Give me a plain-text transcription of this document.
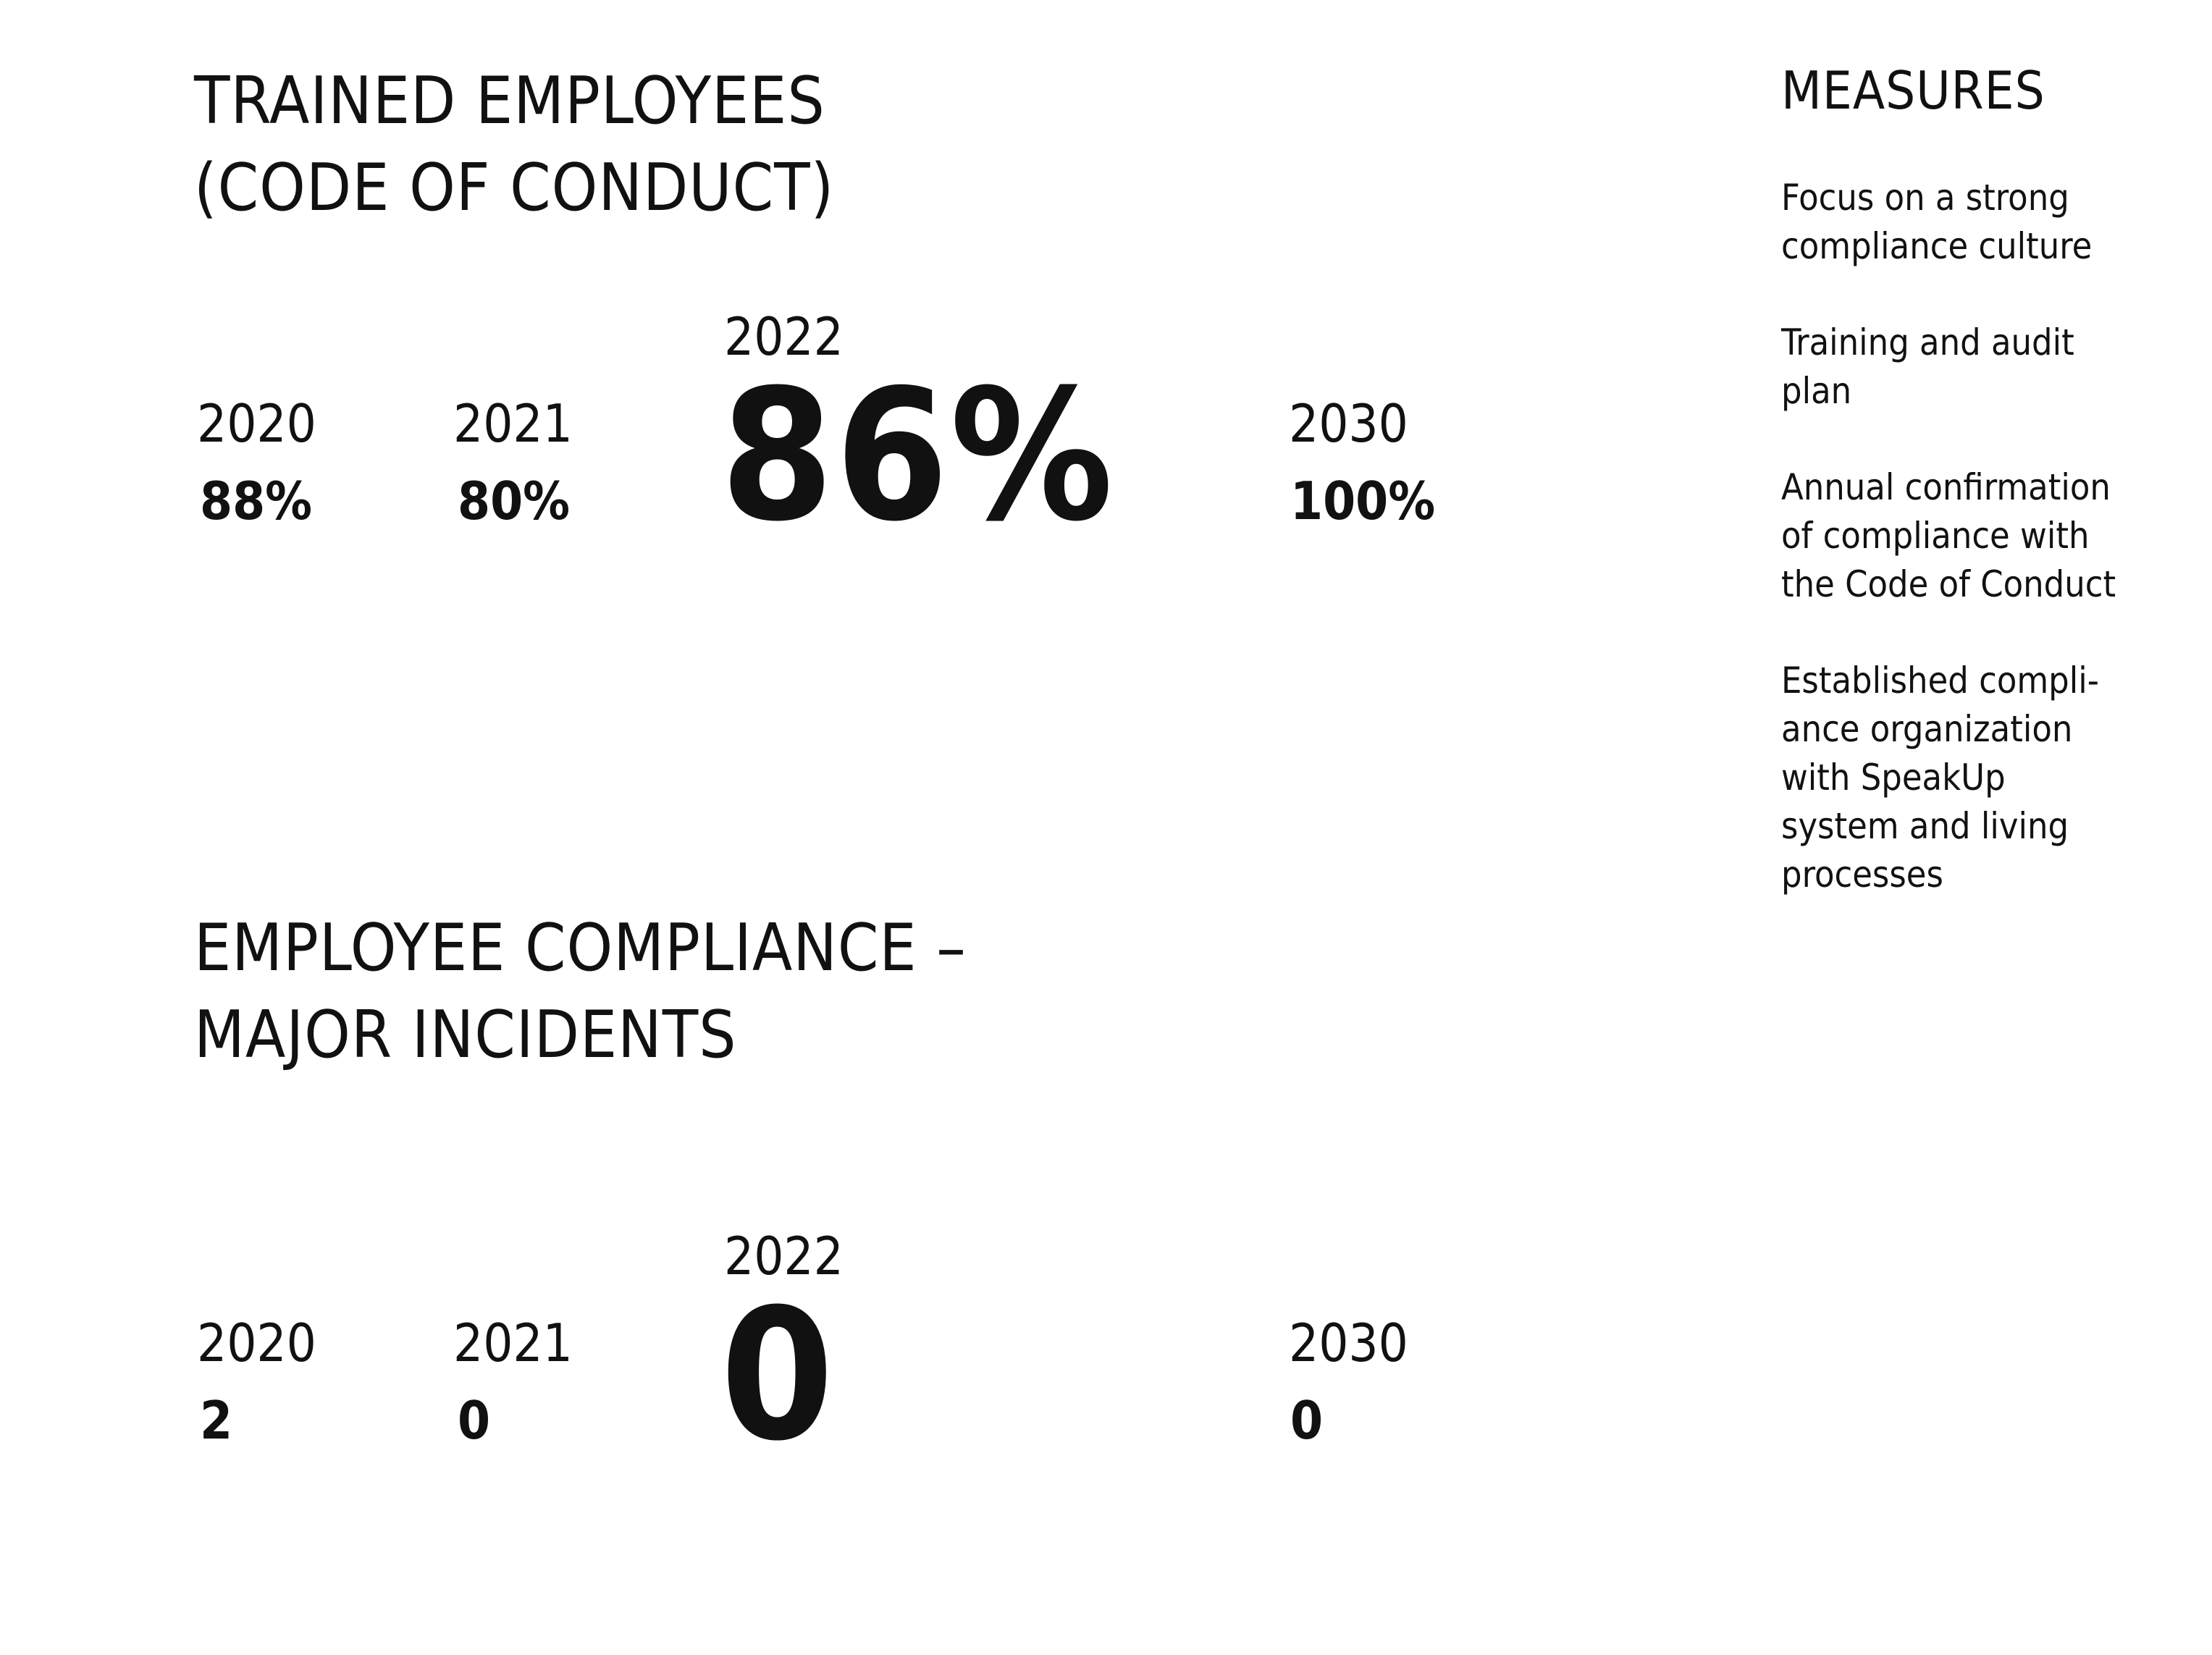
TRAINED EMPLOYEES
(CODE OF CONDUCT)
2020
88%
2021
80%
2022
86%	2030
100%
EMPLOYEE COMPLIANCE –
MAJOR INCIDENTS
2020
2
2021
0
2022
0	2030
0
MEASURES

Focus on a strong
compliance culture

Training and audit
plan

Annual confirmation
of compliance with
the Code of Conduct

Established compli-
ance organization
with SpeakUp
system and living
processes
